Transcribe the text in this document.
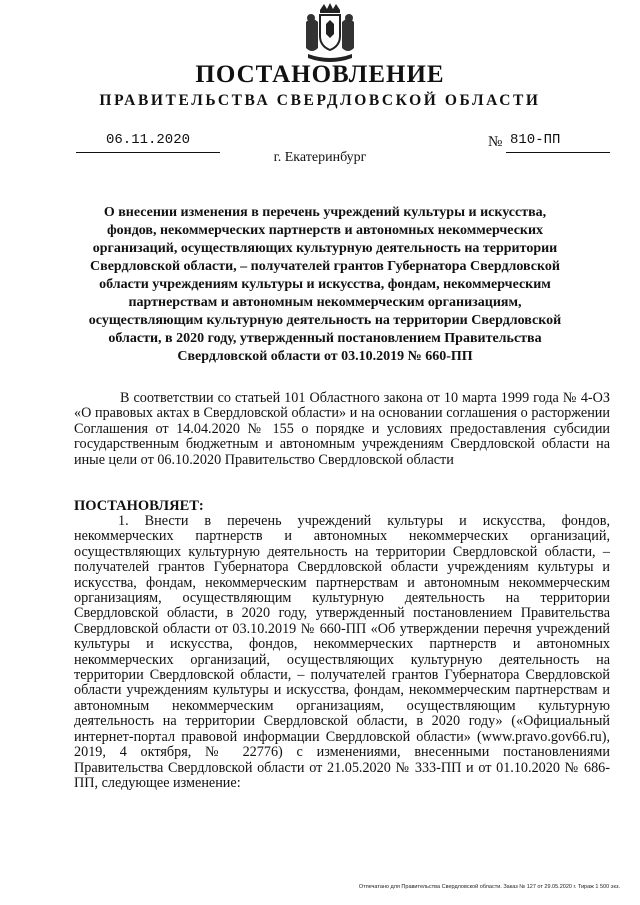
ПОСТАНОВЛЕНИЕ
ПРАВИТЕЛЬСТВА СВЕРДЛОВСКОЙ ОБЛАСТИ
06.11.2020	№ 810-ПП
г. Екатеринбург

О внесении изменения в перечень учреждений культуры и искусства, фондов, некоммерческих партнерств и автономных некоммерческих организаций, осуществляющих культурную деятельность на территории Свердловской области, – получателей грантов Губернатора Свердловской области учреждениям культуры и искусства, фондам, некоммерческим партнерствам и автономным некоммерческим организациям, осуществляющим культурную деятельность на территории Свердловской области, в 2020 году, утвержденный постановлением Правительства Свердловской области от 03.10.2019 № 660-ПП

В соответствии со статьей 101 Областного закона от 10 марта 1999 года № 4-ОЗ «О правовых актах в Свердловской области» и на основании соглашения о расторжении Соглашения от 14.04.2020 № 155 о порядке и условиях предоставления субсидии государственным бюджетным и автономным учреждениям Свердловской области на иные цели от 06.10.2020 Правительство Свердловской области

ПОСТАНОВЛЯЕТ:

1. Внести в перечень учреждений культуры и искусства, фондов, некоммерческих партнерств и автономных некоммерческих организаций, осуществляющих культурную деятельность на территории Свердловской области, – получателей грантов Губернатора Свердловской области учреждениям культуры и искусства, фондам, некоммерческим партнерствам и автономным некоммерческим организациям, осуществляющим культурную деятельность на территории Свердловской области, в 2020 году, утвержденный постановлением Правительства Свердловской области от 03.10.2019 № 660-ПП «Об утверждении перечня учреждений культуры и искусства, фондов, некоммерческих партнерств и автономных некоммерческих организаций, осуществляющих культурную деятельность на территории Свердловской области, – получателей грантов Губернатора Свердловской области учреждениям культуры и искусства, фондам, некоммерческим партнерствам и автономным некоммерческим организациям, осуществляющим культурную деятельность на территории Свердловской области, в 2020 году» («Официальный интернет-портал правовой информации Свердловской области» (www.pravo.gov66.ru), 2019, 4 октября, № 22776) с изменениями, внесенными постановлениями Правительства Свердловской области от 21.05.2020 № 333-ПП и от 01.10.2020 № 686-ПП, следующее изменение:

Отпечатано для Правительства Свердловской области. Заказ № 127 от 29.05.2020 г. Тираж 1 500 экз.
